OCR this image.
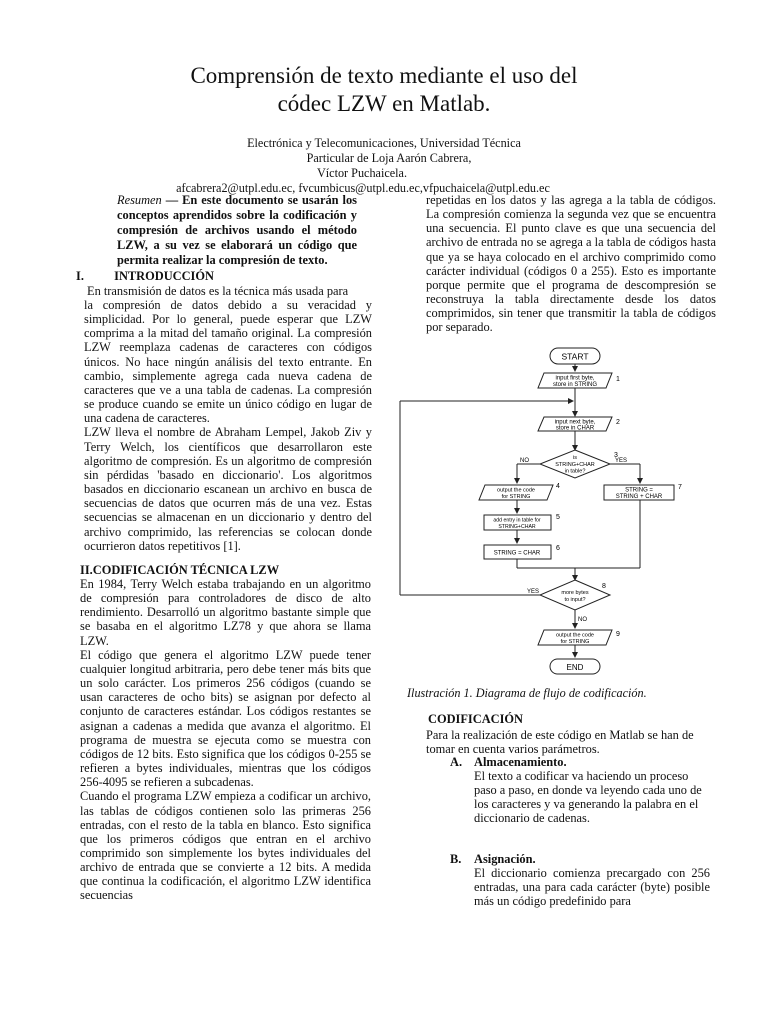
Comprensión de texto mediante el uso del
códec LZW en Matlab.
Electrónica y Telecomunicaciones, Universidad Técnica
Particular de Loja Aarón Cabrera,
Víctor Puchaicela.
afcabrera2@utpl.edu.ec, fvcumbicus@utpl.edu.ec,vfpuchaicela@utpl.edu.ec
Resumen — En este documento se usarán los conceptos aprendidos sobre la codificación y compresión de archivos usando el método LZW, a su vez se elaborará un código que permita realizar la compresión de texto.
I. INTRODUCCIÓN

En transmisión de datos es la técnica más usada para

la compresión de datos debido a su veracidad y simplicidad. Por lo general, puede esperar que LZW comprima a la mitad del tamaño original. La compresión LZW reemplaza cadenas de caracteres con códigos únicos. No hace ningún análisis del texto entrante. En cambio, simplemente agrega cada nueva cadena de caracteres que ve a una tabla de cadenas. La compresión se produce cuando se emite un único código en lugar de una cadena de caracteres.

LZW lleva el nombre de Abraham Lempel, Jakob Ziv y Terry Welch, los científicos que desarrollaron este algoritmo de compresión. Es un algoritmo de compresión sin pérdidas 'basado en diccionario'. Los algoritmos basados en diccionario escanean un archivo en busca de secuencias de datos que ocurren más de una vez. Estas secuencias se almacenan en un diccionario y dentro del archivo comprimido, las referencias se colocan donde ocurrieron datos repetitivos [1].

II.CODIFICACIÓN TÉCNICA LZW

En 1984, Terry Welch estaba trabajando en un algoritmo de compresión para controladores de disco de alto rendimiento. Desarrolló un algoritmo bastante simple que se basaba en el algoritmo LZ78 y que ahora se llama LZW.

El código que genera el algoritmo LZW puede tener cualquier longitud arbitraria, pero debe tener más bits que un solo carácter. Los primeros 256 códigos (cuando se usan caracteres de ocho bits) se asignan por defecto al conjunto de caracteres estándar. Los códigos restantes se asignan a cadenas a medida que avanza el algoritmo. El programa de muestra se ejecuta como se muestra con códigos de 12 bits. Esto significa que los códigos 0-255 se refieren a bytes individuales, mientras que los códigos 256-4095 se refieren a subcadenas.

Cuando el programa LZW empieza a codificar un archivo, las tablas de códigos contienen solo las primeras 256 entradas, con el resto de la tabla en blanco. Esto significa que los primeros códigos que entran en el archivo comprimido son simplemente los bytes individuales del archivo de entrada que se convierte a 12 bits. A medida que continua la codificación, el algoritmo LZW identifica secuencias

repetidas en los datos y las agrega a la tabla de códigos. La compresión comienza la segunda vez que se encuentra una secuencia. El punto clave es que una secuencia del archivo de entrada no se agrega a la tabla de códigos hasta que ya se haya colocado en el archivo comprimido como carácter individual (códigos 0 a 255). Esto es importante porque permite que el programa de descompresión se reconstruya la tabla directamente desde los datos comprimidos, sin tener que transmitir la tabla de códigos por separado.

START
input first byte,
store in STRING
1
input next byte,
store in CHAR
2
is
STRING+CHAR
in table?
3
NO	YES
output the code
for STRING
4
add entry in table for
STRING+CHAR
5
STRING = CHAR
6
STRING =
STRING + CHAR
7
more bytes
to input?
8
YES
NO
output the code
for STRING
9
END
Ilustración 1. Diagrama de flujo de codificación.
CODIFICACIÓN
Para la realización de este código en Matlab se han de tomar en cuenta varios parámetros.
A. Almacenamiento.
El texto a codificar va haciendo un proceso paso a paso, en donde va leyendo cada uno de los caracteres y va generando la palabra en el diccionario de cadenas.
B. Asignación.
El diccionario comienza precargado con 256 entradas, una para cada carácter (byte) posible más un código predefinido para
